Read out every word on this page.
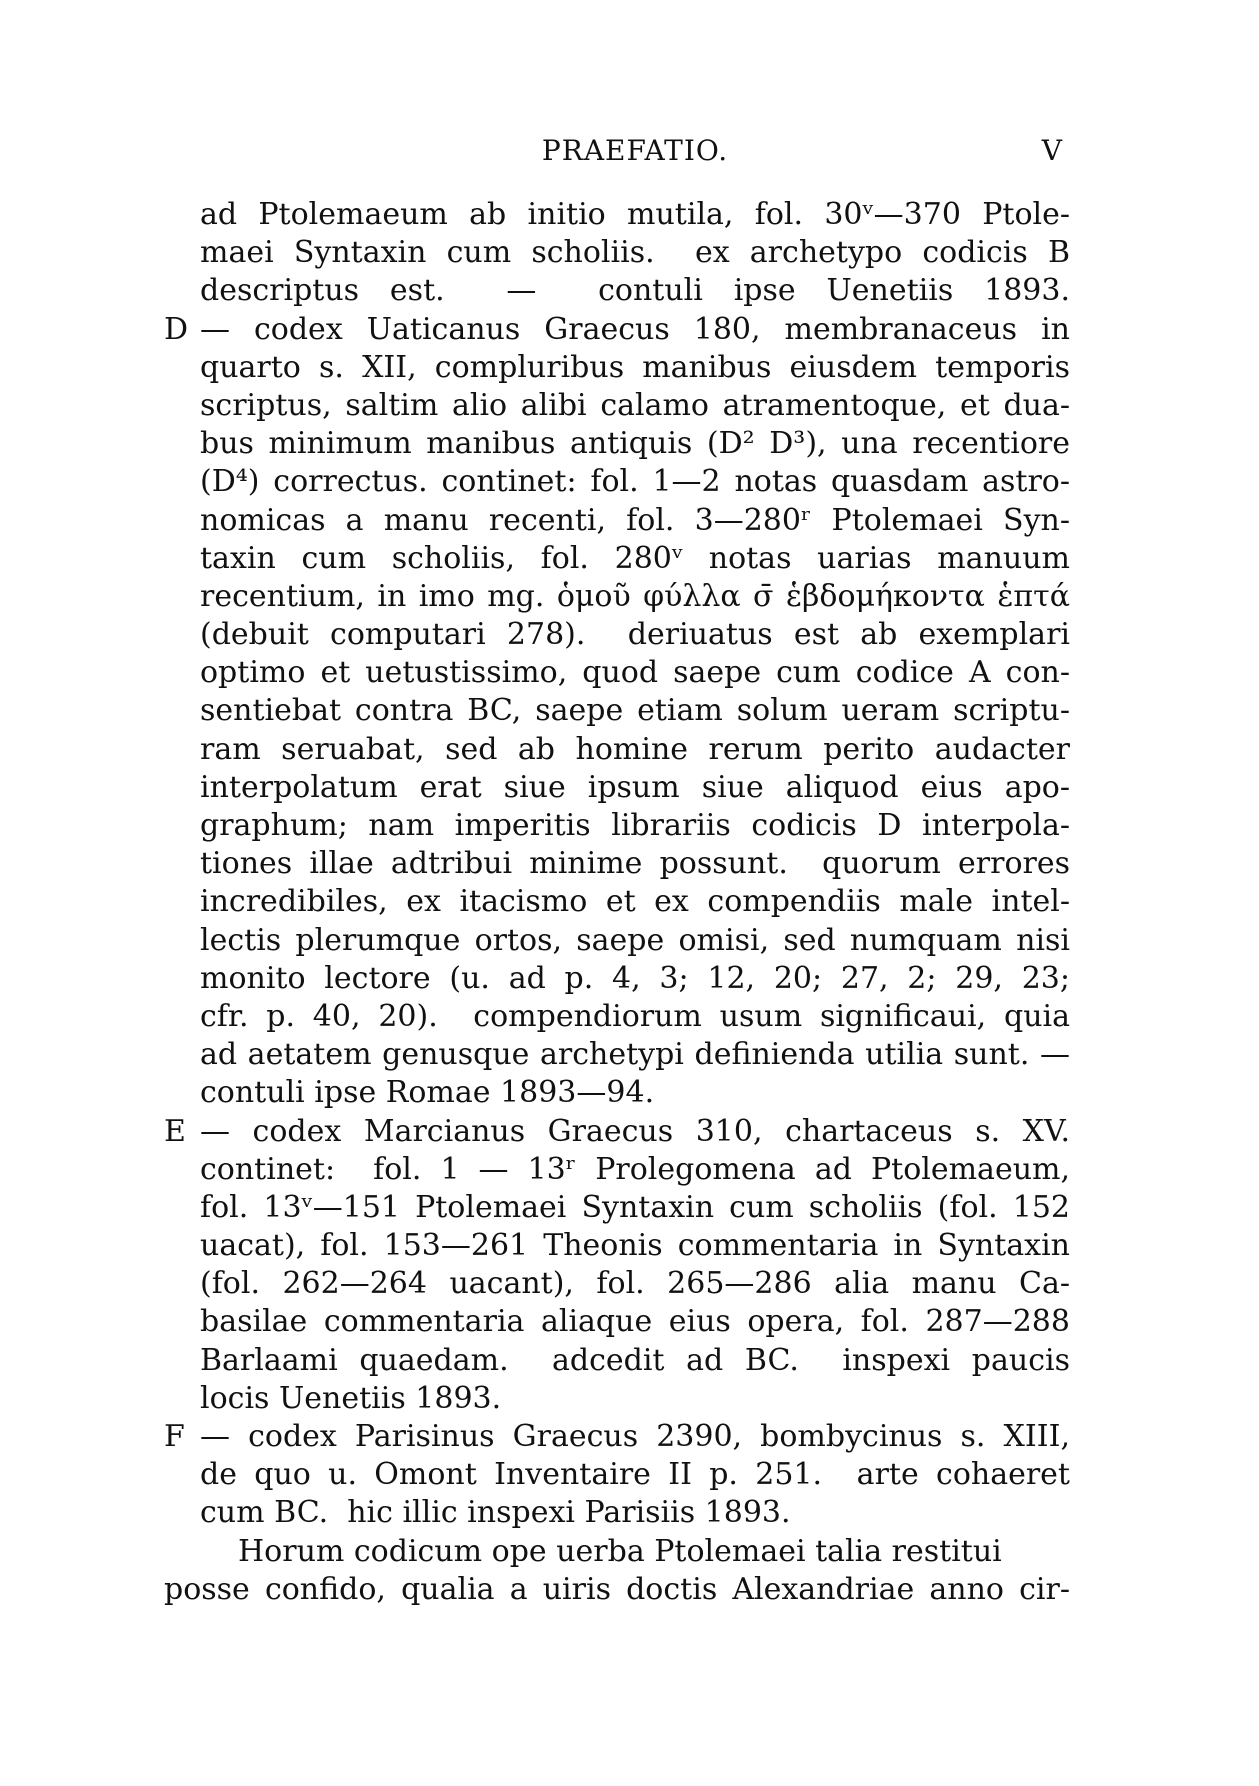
PRAEFATIO.	V
ad Ptolemaeum ab initio mutila, fol. 30ᵛ—370 Ptole-
maei Syntaxin cum scholiis.  ex archetypo codicis B
descriptus est.  —  contuli ipse Uenetiis 1893.
D — codex Uaticanus Graecus 180, membranaceus in
quarto s. XII, compluribus manibus eiusdem temporis
scriptus, saltim alio alibi calamo atramentoque, et dua-
bus minimum manibus antiquis (D² D³), una recentiore
(D⁴) correctus. continet: fol. 1—2 notas quasdam astro-
nomicas a manu recenti, fol. 3—280ʳ Ptolemaei Syn-
taxin cum scholiis, fol. 280ᵛ notas uarias manuum
recentium, in imo mg. ὁμοῦ φύλλα σ̄ ἑβδομήκοντα ἑπτά
(debuit computari 278).  deriuatus est ab exemplari
optimo et uetustissimo, quod saepe cum codice A con-
sentiebat contra BC, saepe etiam solum ueram scriptu-
ram seruabat, sed ab homine rerum perito audacter
interpolatum erat siue ipsum siue aliquod eius apo-
graphum; nam imperitis librariis codicis D interpola-
tiones illae adtribui minime possunt.  quorum errores
incredibiles, ex itacismo et ex compendiis male intel-
lectis plerumque ortos, saepe omisi, sed numquam nisi
monito lectore (u. ad p. 4, 3; 12, 20; 27, 2; 29, 23;
cfr. p. 40, 20).  compendiorum usum significaui, quia
ad aetatem genusque archetypi definienda utilia sunt. —
contuli ipse Romae 1893—94.
E — codex Marcianus Graecus 310, chartaceus s. XV.
continet:  fol. 1 — 13ʳ Prolegomena ad Ptolemaeum,
fol. 13ᵛ—151 Ptolemaei Syntaxin cum scholiis (fol. 152
uacat), fol. 153—261 Theonis commentaria in Syntaxin
(fol. 262—264 uacant), fol. 265—286 alia manu Ca-
basilae commentaria aliaque eius opera, fol. 287—288
Barlaami quaedam.  adcedit ad BC.  inspexi paucis
locis Uenetiis 1893.
F — codex Parisinus Graecus 2390, bombycinus s. XIII,
de quo u. Omont Inventaire II p. 251.  arte cohaeret
cum BC.  hic illic inspexi Parisiis 1893.
Horum codicum ope uerba Ptolemaei talia restitui
posse confido, qualia a uiris doctis Alexandriae anno cir-
